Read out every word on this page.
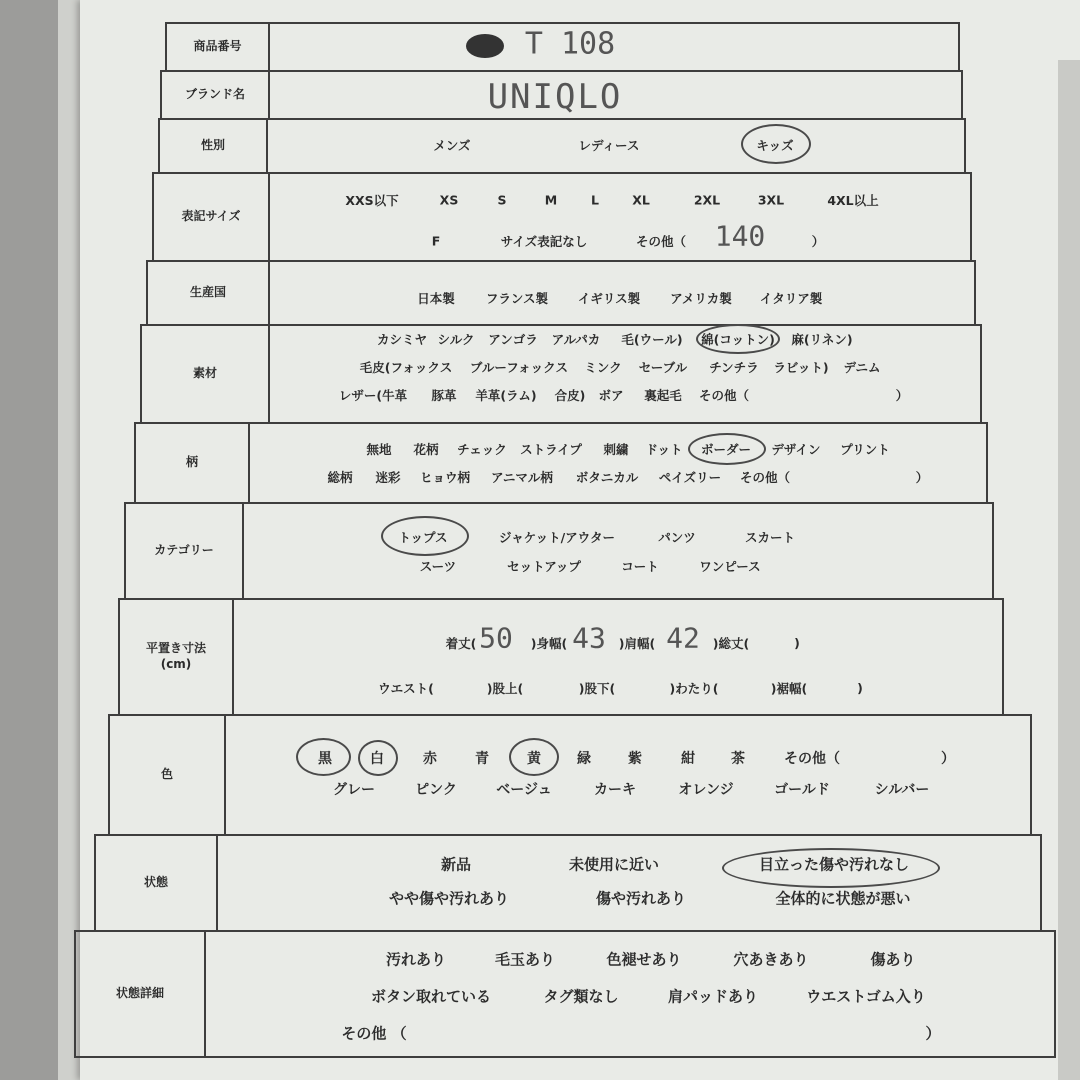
商品番号	T 108
ブランド名	UNIQLO
性別	メンズ	レディース	キッズ
表記サイズ
XXS以下	XS	S	M	L	XL	2XL	3XL	4XL以上
F	サイズ表記なし	その他（ 140	）
生産国	日本製 フランス製 イギリス製 アメリカ製 イタリア製
素材
カシミヤ シルク アンゴラ アルパカ 毛(ウール) 綿(コットン) 麻(リネン)
毛皮(フォックス ブルーフォックス ミンク セーブル チンチラ ラビット) デニム
レザー(牛革 豚革 羊革(ラム) 合皮) ボア 裏起毛 その他（	）
柄
無地 花柄 チェック ストライプ 刺繍 ドット ボーダー デザイン プリント
総柄 迷彩 ヒョウ柄 アニマル柄 ボタニカル ペイズリー その他（	）
カテゴリー
トップス	ジャケット/アウター	パンツ	スカート
スーツ	セットアップ	コート	ワンピース
平置き寸法
(cm)
着丈( 50 )身幅( 43 )肩幅( 42 )総丈(	)
ウエスト(	)股上(	)股下(	)わたり(	)裾幅(	)
色
黒	白	赤	青	黄	緑	紫	紺	茶	その他（	）
グレー	ピンク	ベージュ	カーキ	オレンジ	ゴールド	シルバー
状態
新品	未使用に近い	目立った傷や汚れなし
やや傷や汚れあり	傷や汚れあり	全体的に状態が悪い
状態詳細
汚れあり	毛玉あり	色褪せあり	穴あきあり	傷あり
ボタン取れている	タグ類なし	肩パッドあり	ウエストゴム入り
その他 （	）
